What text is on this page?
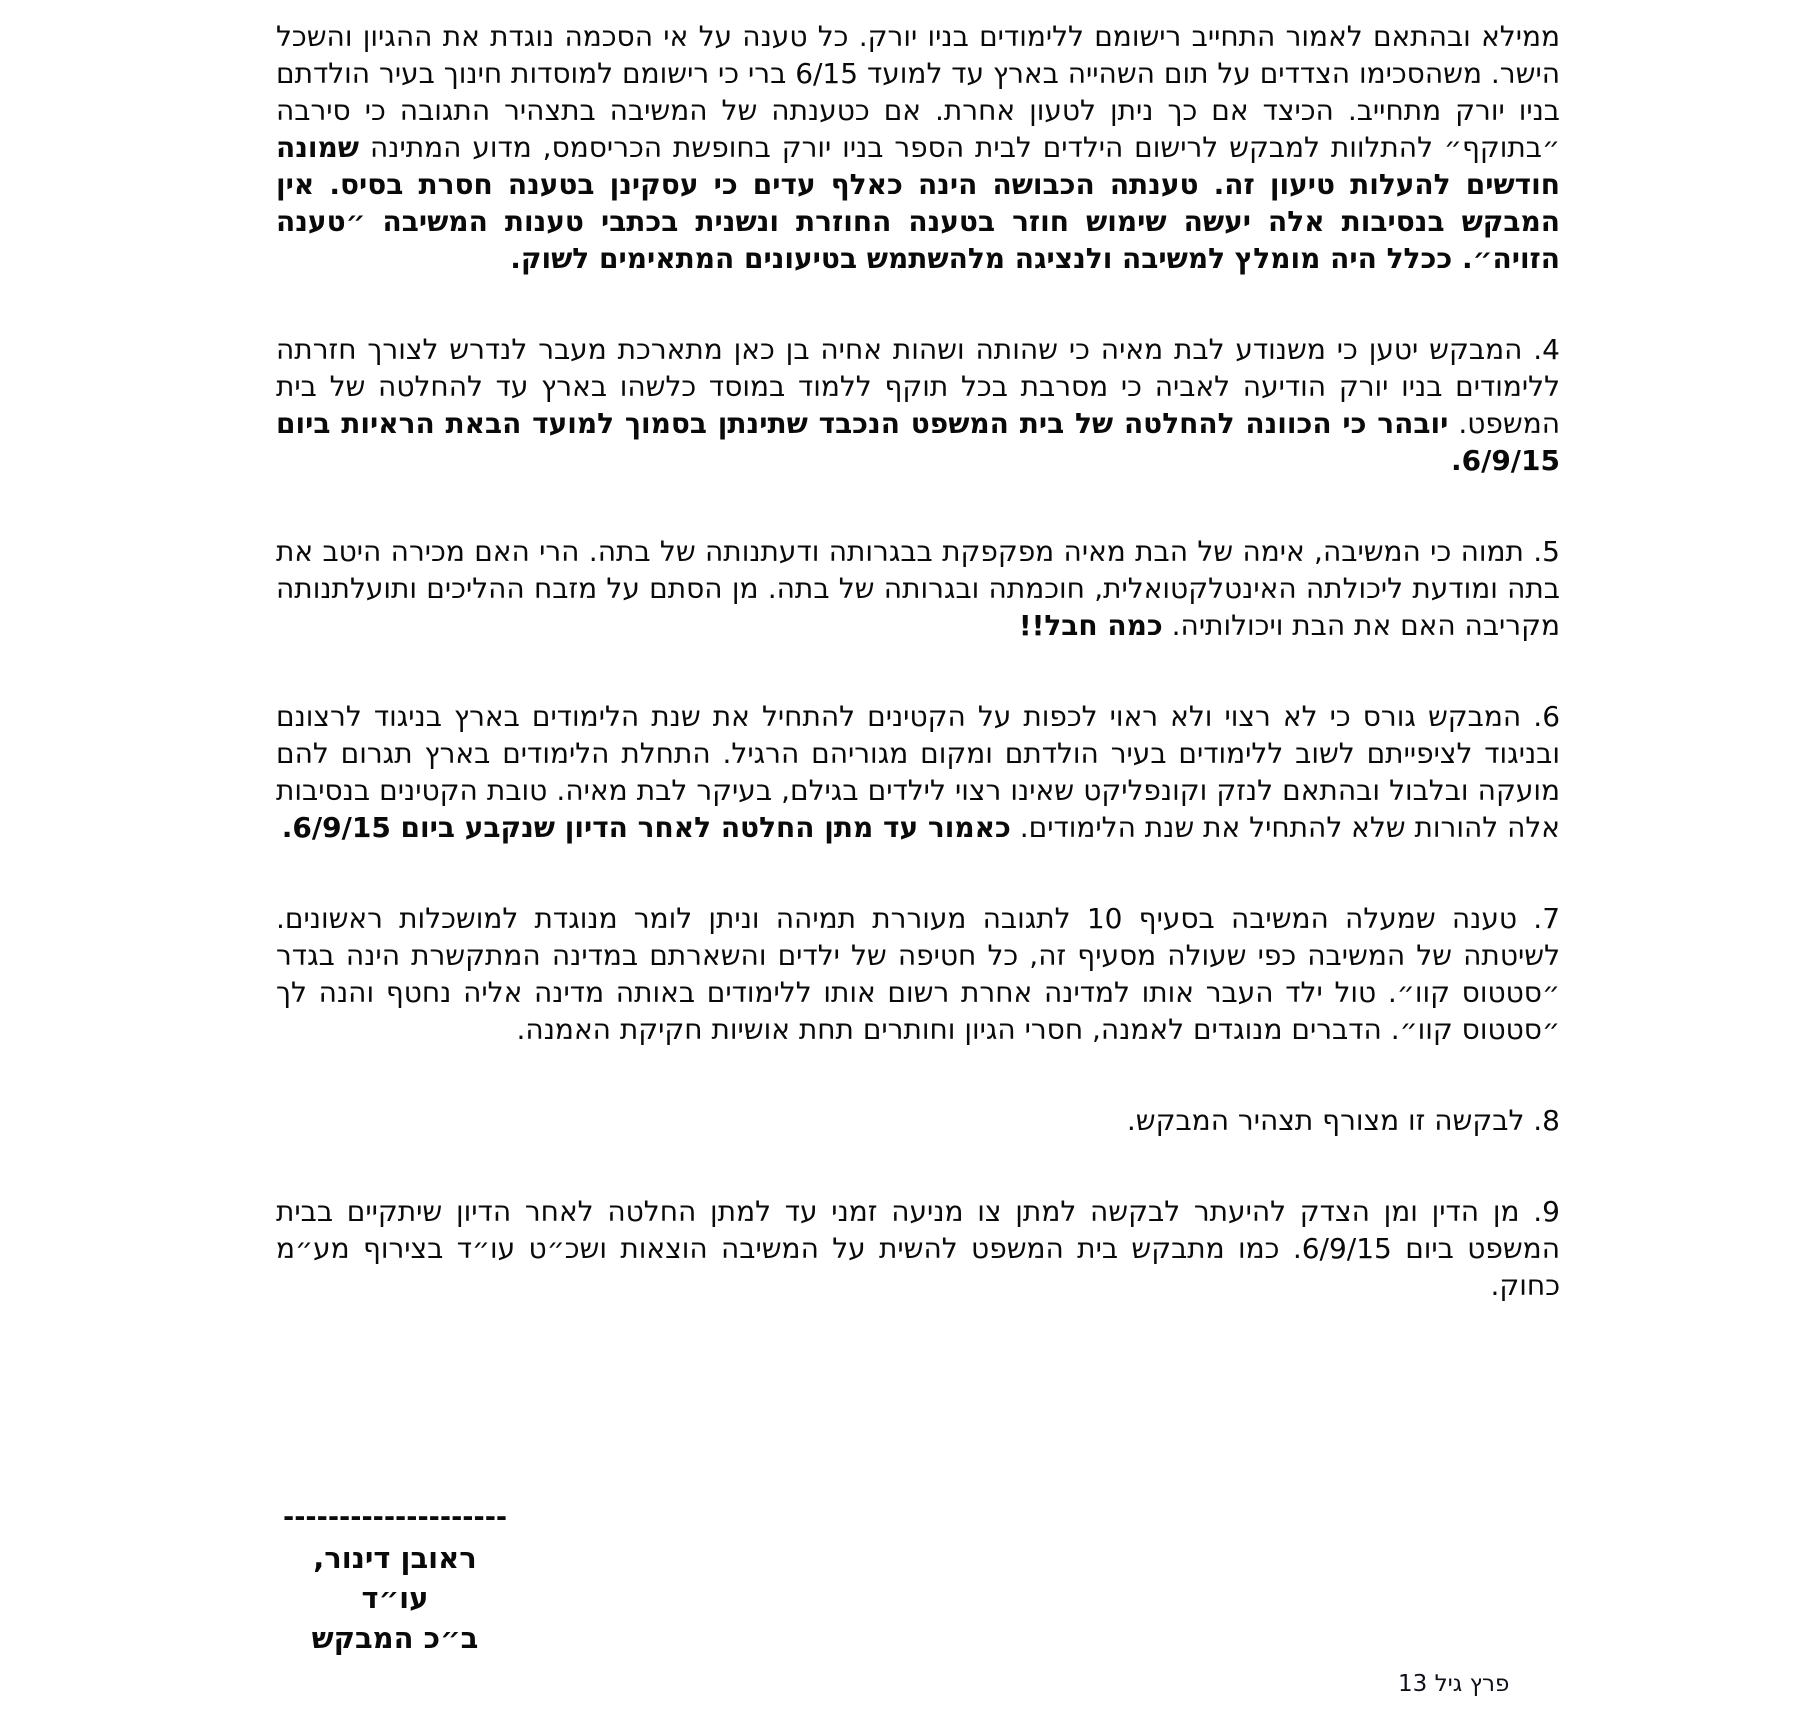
ממילא ובהתאם לאמור התחייב רישומם ללימודים בניו יורק. כל טענה על אי הסכמה נוגדת את ההגיון והשכל הישר. משהסכימו הצדדים על תום השהייה בארץ עד למועד 6/15 ברי כי רישומם למוסדות חינוך בעיר הולדתם בניו יורק מתחייב. הכיצד אם כך ניתן לטעון אחרת. אם כטענתה של המשיבה בתצהיר התגובה כי סירבה ״בתוקף״ להתלוות למבקש לרישום הילדים לבית הספר בניו יורק בחופשת הכריסמס, מדוע המתינה שמונה חודשים להעלות טיעון זה. טענתה הכבושה הינה כאלף עדים כי עסקינן בטענה חסרת בסיס. אין המבקש בנסיבות אלה יעשה שימוש חוזר בטענה החוזרת ונשנית בכתבי טענות המשיבה ״טענה הזויה״. ככלל היה מומלץ למשיבה ולנציגה מלהשתמש בטיעונים המתאימים לשוק.

4. המבקש יטען כי משנודע לבת מאיה כי שהותה ושהות אחיה בן כאן מתארכת מעבר לנדרש לצורך חזרתה ללימודים בניו יורק הודיעה לאביה כי מסרבת בכל תוקף ללמוד במוסד כלשהו בארץ עד להחלטה של בית המשפט. יובהר כי הכוונה להחלטה של בית המשפט הנכבד שתינתן בסמוך למועד הבאת הראיות ביום 6/9/15.

5. תמוה כי המשיבה, אימה של הבת מאיה מפקפקת בבגרותה ודעתנותה של בתה. הרי האם מכירה היטב את בתה ומודעת ליכולתה האינטלקטואלית, חוכמתה ובגרותה של בתה. מן הסתם על מזבח ההליכים ותועלתנותה מקריבה האם את הבת ויכולותיה. כמה חבל!!

6. המבקש גורס כי לא רצוי ולא ראוי לכפות על הקטינים להתחיל את שנת הלימודים בארץ בניגוד לרצונם ובניגוד לציפייתם לשוב ללימודים בעיר הולדתם ומקום מגוריהם הרגיל. התחלת הלימודים בארץ תגרום להם מועקה ובלבול ובהתאם לנזק וקונפליקט שאינו רצוי לילדים בגילם, בעיקר לבת מאיה. טובת הקטינים בנסיבות אלה להורות שלא להתחיל את שנת הלימודים. כאמור עד מתן החלטה לאחר הדיון שנקבע ביום 6/9/15.

7. טענה שמעלה המשיבה בסעיף 10 לתגובה מעוררת תמיהה וניתן לומר מנוגדת למושכלות ראשונים. לשיטתה של המשיבה כפי שעולה מסעיף זה, כל חטיפה של ילדים והשארתם במדינה המתקשרת הינה בגדר ״סטטוס קוו״. טול ילד העבר אותו למדינה אחרת רשום אותו ללימודים באותה מדינה אליה נחטף והנה לך ״סטטוס קוו״. הדברים מנוגדים לאמנה, חסרי הגיון וחותרים תחת אושיות חקיקת האמנה.

8. לבקשה זו מצורף תצהיר המבקש.

9. מן הדין ומן הצדק להיעתר לבקשה למתן צו מניעה זמני עד למתן החלטה לאחר הדיון שיתקיים בבית המשפט ביום 6/9/15. כמו מתבקש בית המשפט להשית על המשיבה הוצאות ושכ״ט עו״ד בצירוף מע״מ כחוק.

--------------------
ראובן דינור, עו״ד
ב״כ המבקש
פרץ גיל 13
